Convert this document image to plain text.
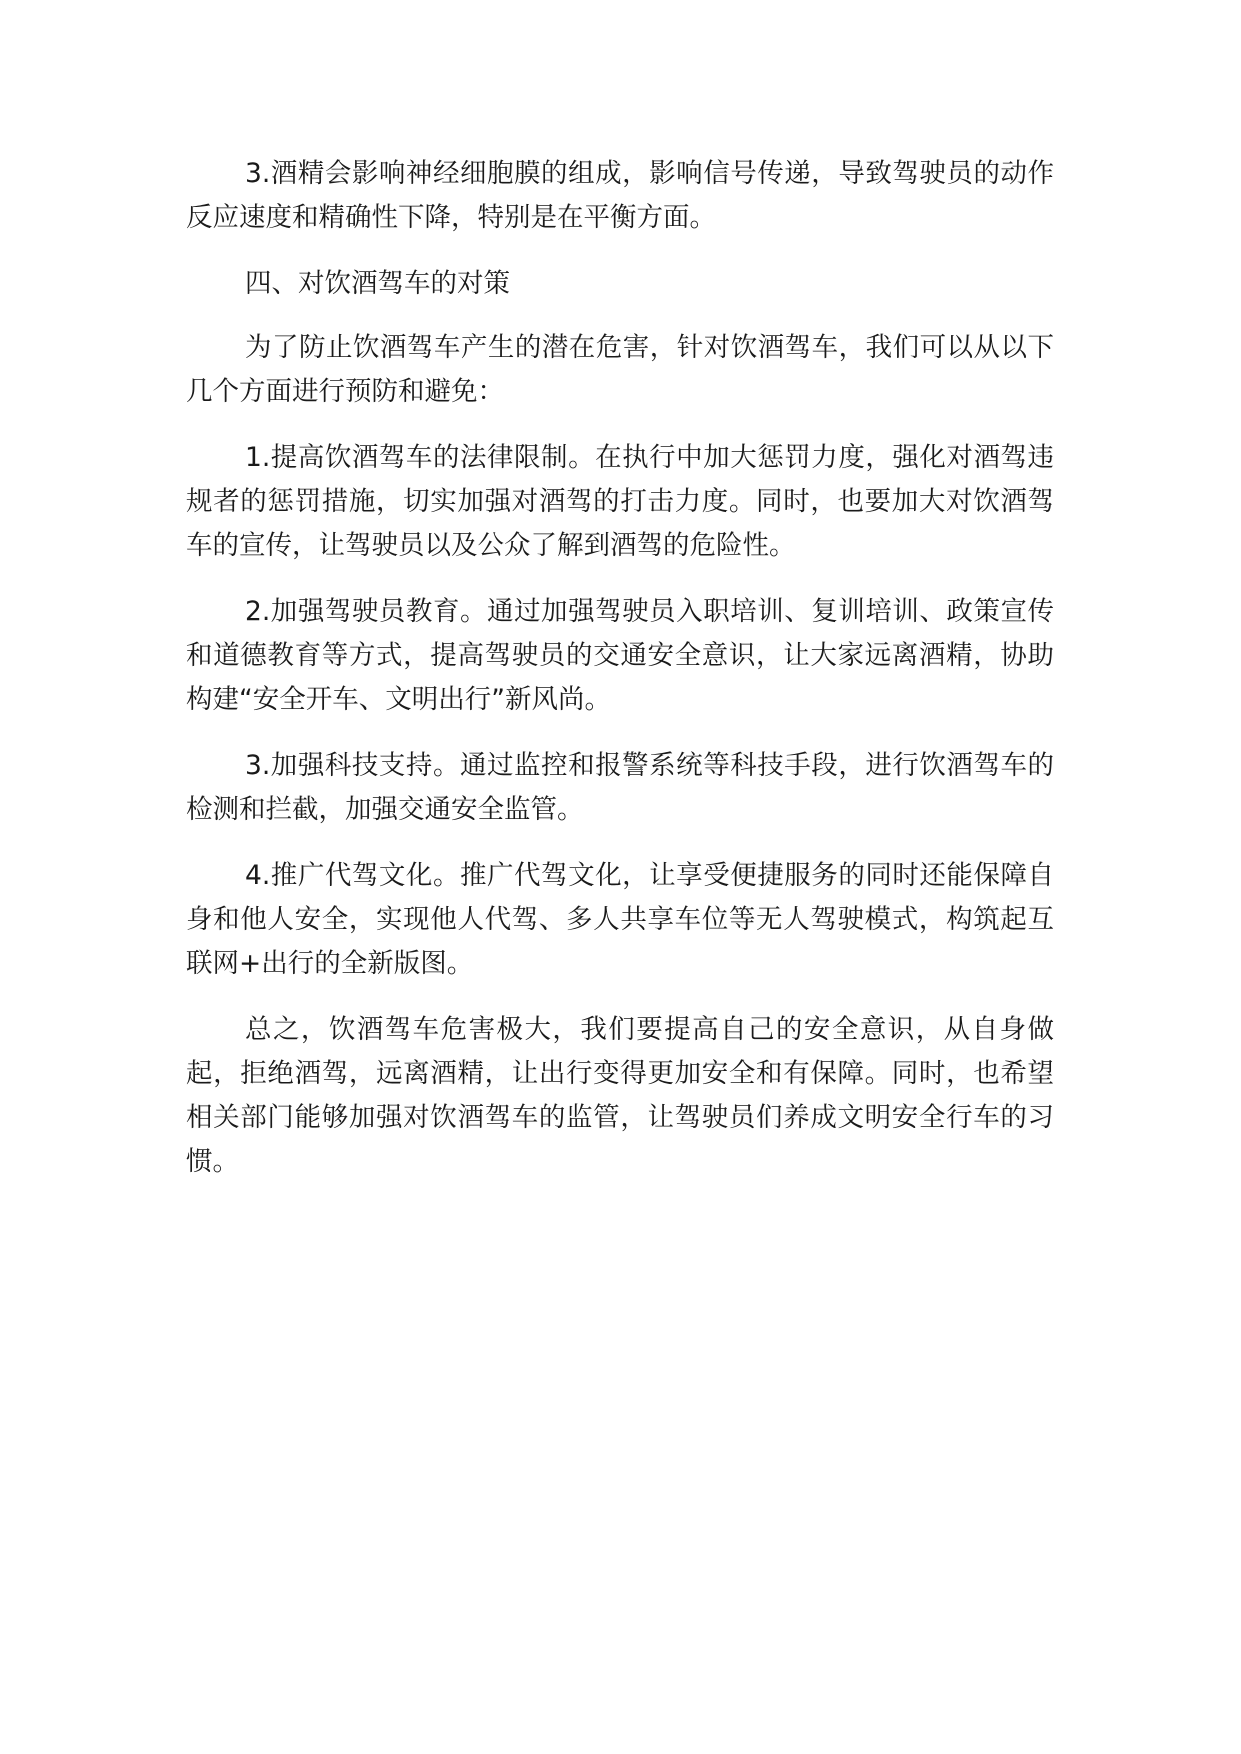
3.酒精会影响神经细胞膜的组成，影响信号传递，导致驾驶员的动作反应速度和精确性下降，特别是在平衡方面。

四、对饮酒驾车的对策

为了防止饮酒驾车产生的潜在危害，针对饮酒驾车，我们可以从以下几个方面进行预防和避免：

1.提高饮酒驾车的法律限制。在执行中加大惩罚力度，强化对酒驾违规者的惩罚措施，切实加强对酒驾的打击力度。同时，也要加大对饮酒驾车的宣传，让驾驶员以及公众了解到酒驾的危险性。

2.加强驾驶员教育。通过加强驾驶员入职培训、复训培训、政策宣传和道德教育等方式，提高驾驶员的交通安全意识，让大家远离酒精，协助构建“安全开车、文明出行”新风尚。

3.加强科技支持。通过监控和报警系统等科技手段，进行饮酒驾车的检测和拦截，加强交通安全监管。

4.推广代驾文化。推广代驾文化，让享受便捷服务的同时还能保障自身和他人安全，实现他人代驾、多人共享车位等无人驾驶模式，构筑起互联网+出行的全新版图。

总之，饮酒驾车危害极大，我们要提高自己的安全意识，从自身做起，拒绝酒驾，远离酒精，让出行变得更加安全和有保障。同时，也希望相关部门能够加强对饮酒驾车的监管，让驾驶员们养成文明安全行车的习惯。
